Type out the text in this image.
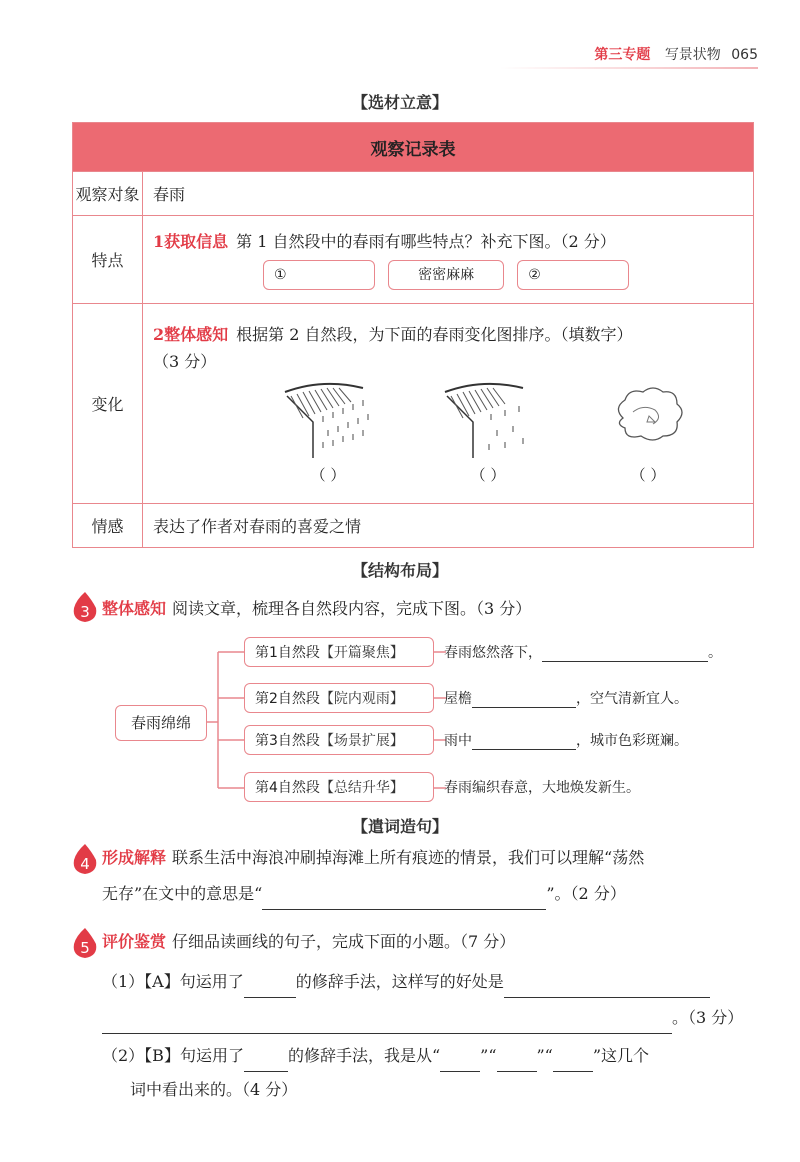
第三专题 写景状物 065
【选材立意】
观察记录表	
观察对象	春雨
特点	1获取信息 第 1 自然段中的春雨有哪些特点？补充下图。（2 分）
① 密密麻麻 ②

变化	2整体感知 根据第 2 自然段，为下面的春雨变化图排序。（填数字）
（3 分）
（ ） （ ） （ ）

情感	表达了作者对春雨的喜爱之情
【结构布局】
3 整体感知 阅读文章，梳理各自然段内容，完成下图。（3 分）
春雨绵绵
第1自然段【开篇聚焦】	春雨悠然落下，	。
第2自然段【院内观雨】	屋檐	，空气清新宜人。
第3自然段【场景扩展】	雨中	，城市色彩斑斓。
第4自然段【总结升华】	春雨编织春意，大地焕发新生。
【遣词造句】
4 形成解释 联系生活中海浪冲刷掉海滩上所有痕迹的情景，我们可以理解“荡然
无存”在文中的意思是“	”。（2 分）
5 评价鉴赏 仔细品读画线的句子，完成下面的小题。（7 分）
（1）【A】句运用了	的修辞手法，这样写的好处是
。（3 分）
（2）【B】句运用了	的修辞手法，我是从“	”“	”“	”这几个
词中看出来的。（4 分）
